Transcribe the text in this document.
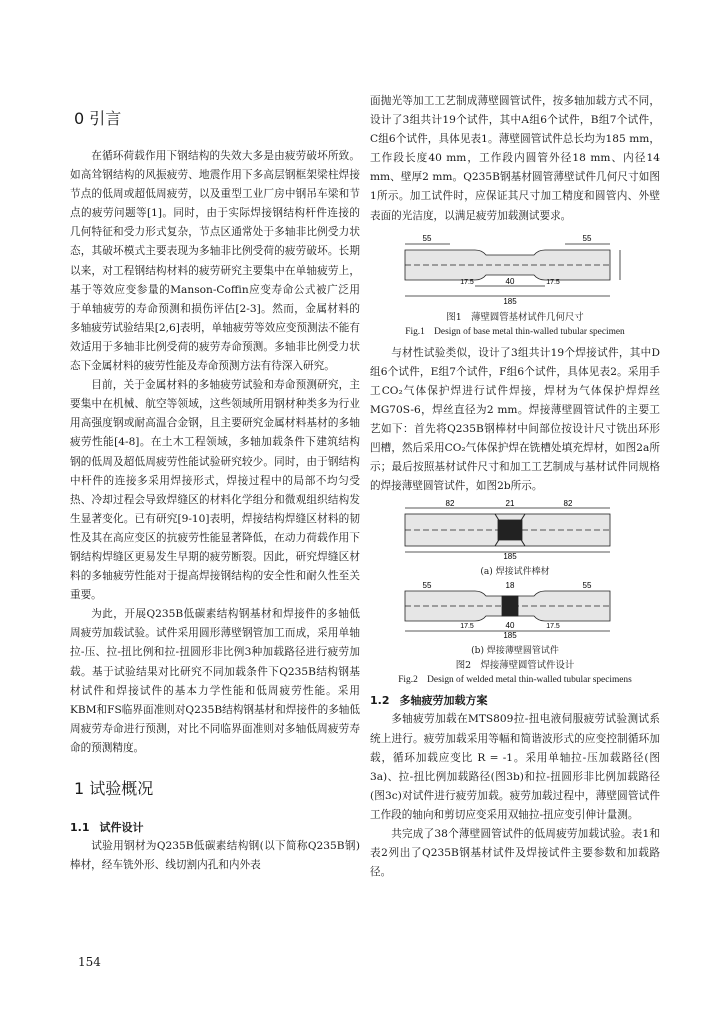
0 引言

在循环荷载作用下钢结构的失效大多是由疲劳破坏所致。如高耸钢结构的风振疲劳、地震作用下多高层钢框架梁柱焊接节点的低周或超低周疲劳，以及重型工业厂房中钢吊车梁和节点的疲劳问题等[1]。同时，由于实际焊接钢结构杆件连接的几何特征和受力形式复杂，节点区通常处于多轴非比例受力状态，其破坏模式主要表现为多轴非比例受荷的疲劳破坏。长期以来，对工程钢结构材料的疲劳研究主要集中在单轴疲劳上，基于等效应变参量的Manson-Coffin应变寿命公式被广泛用于单轴疲劳的寿命预测和损伤评估[2-3]。然而，金属材料的多轴疲劳试验结果[2,6]表明，单轴疲劳等效应变预测法不能有效适用于多轴非比例受荷的疲劳寿命预测。多轴非比例受力状态下金属材料的疲劳性能及寿命预测方法有待深入研究。

目前，关于金属材料的多轴疲劳试验和寿命预测研究，主要集中在机械、航空等领域，这些领域所用钢材种类多为行业用高强度钢或耐高温合金钢，且主要研究金属材料基材的多轴疲劳性能[4-8]。在土木工程领域，多轴加载条件下建筑结构钢的低周及超低周疲劳性能试验研究较少。同时，由于钢结构中杆件的连接多采用焊接形式，焊接过程中的局部不均匀受热、冷却过程会导致焊缝区的材料化学组分和微观组织结构发生显著变化。已有研究[9-10]表明，焊接结构焊缝区材料的韧性及其在高应变区的抗疲劳性能显著降低，在动力荷载作用下钢结构焊缝区更易发生早期的疲劳断裂。因此，研究焊缝区材料的多轴疲劳性能对于提高焊接钢结构的安全性和耐久性至关重要。

为此，开展Q235B低碳素结构钢基材和焊接件的多轴低周疲劳加载试验。试件采用圆形薄壁钢管加工而成，采用单轴拉-压、拉-扭比例和拉-扭圆形非比例3种加载路径进行疲劳加载。基于试验结果对比研究不同加载条件下Q235B结构钢基材试件和焊接试件的基本力学性能和低周疲劳性能。采用KBM和FS临界面准则对Q235B结构钢基材和焊接件的多轴低周疲劳寿命进行预测，对比不同临界面准则对多轴低周疲劳寿命的预测精度。

1 试验概况
1.1 试件设计

试验用钢材为Q235B低碳素结构钢(以下简称Q235B钢)棒材，经车铣外形、线切割内孔和内外表

154

面抛光等加工工艺制成薄壁圆管试件，按多轴加载方式不同，设计了3组共计19个试件，其中A组6个试件，B组7个试件，C组6个试件，具体见表1。薄壁圆管试件总长均为185 mm，工作段长度40 mm，工作段内圆管外径18 mm、内径14 mm、壁厚2 mm。Q235B钢基材圆管薄壁试件几何尺寸如图1所示。加工试件时，应保证其尺寸加工精度和圆管内、外壁表面的光洁度，以满足疲劳加载测试要求。

55	55
17.5	40	17.5
185

图1　薄壁圆管基材试件几何尺寸

Fig.1　Design of base metal thin-walled tubular specimen

与材性试验类似，设计了3组共计19个焊接试件，其中D组6个试件，E组7个试件，F组6个试件，具体见表2。采用手工CO₂气体保护焊进行试件焊接，焊材为气体保护焊焊丝MG70S-6，焊丝直径为2 mm。焊接薄壁圆管试件的主要工艺如下：首先将Q235B钢棒材中间部位按设计尺寸铣出环形凹槽，然后采用CO₂气体保护焊在铣槽处填充焊材，如图2a所示；最后按照基材试件尺寸和加工工艺制成与基材试件同规格的焊接薄壁圆管试件，如图2b所示。

82	21	82
185

(a) 焊接试件棒材

55	18	55
17.5	40	17.5
185

(b) 焊接薄壁圆管试件

图2　焊接薄壁圆管试件设计

Fig.2　Design of welded metal thin-walled tubular specimens

1.2 多轴疲劳加载方案

多轴疲劳加载在MTS809拉-扭电液伺服疲劳试验测试系统上进行。疲劳加载采用等幅和简谐波形式的应变控制循环加载，循环加载应变比 R = -1。采用单轴拉-压加载路径(图3a)、拉-扭比例加载路径(图3b)和拉-扭圆形非比例加载路径(图3c)对试件进行疲劳加载。疲劳加载过程中，薄壁圆管试件工作段的轴向和剪切应变采用双轴拉-扭应变引伸计量测。

共完成了38个薄壁圆管试件的低周疲劳加载试验。表1和表2列出了Q235B钢基材试件及焊接试件主要参数和加载路径。
